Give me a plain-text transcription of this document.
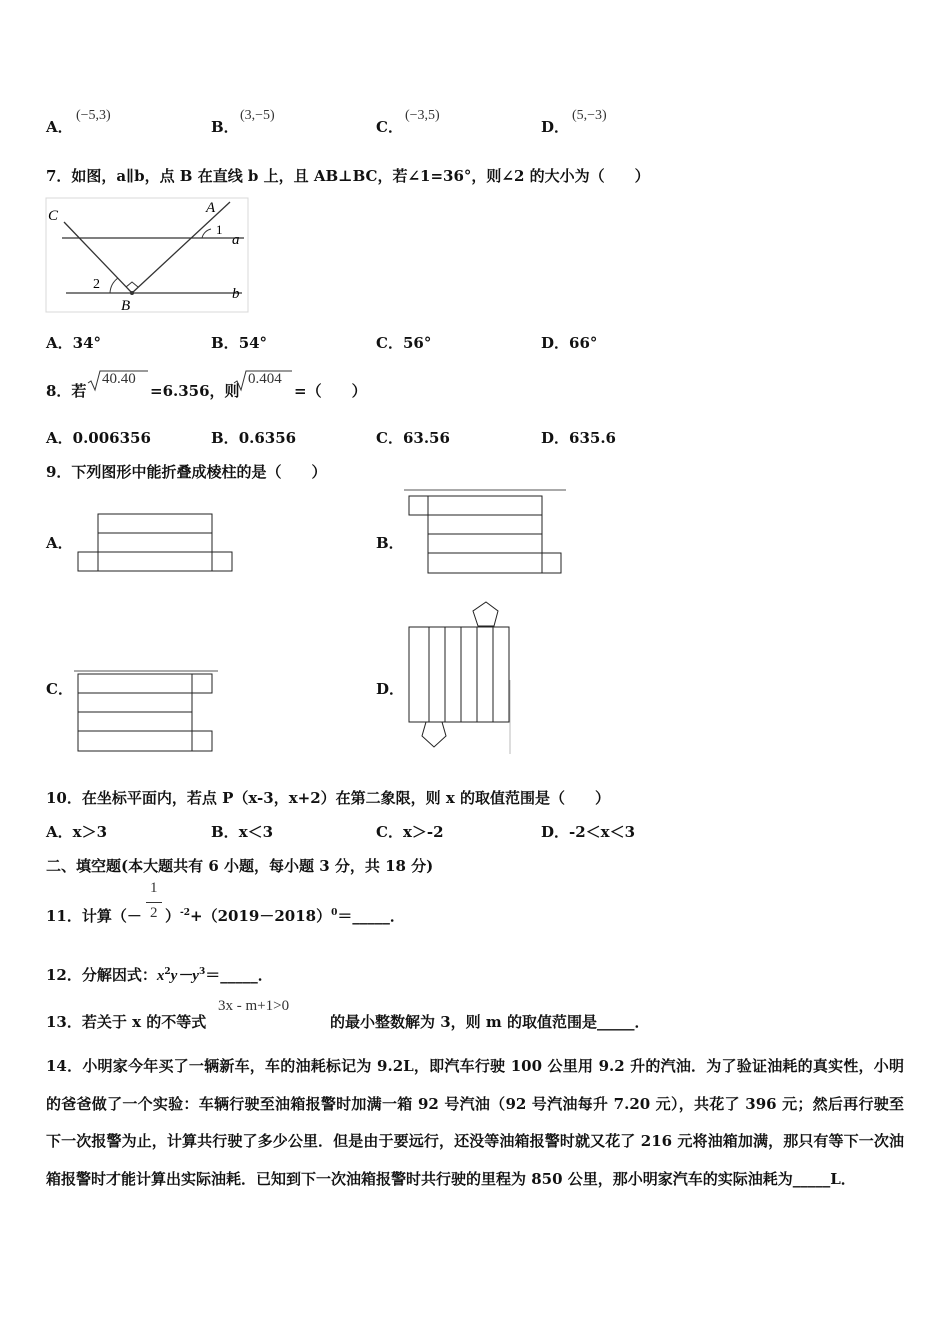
A．
(−5,3)
B．
(3,−5)
C．
(−3,5)
D．
(5,−3)
7．如图，a∥b，点 B 在直线 b 上，且 AB⊥BC，若∠1=36°，则∠2 的大小为（　　）
C	A
1
a
2
B
b
A．34°	B．54°	C．56°	D．66°
8．若
40.40
=6.356，则
0.404
=（　　）
A．0.006356	B．0.6356	C．63.56	D．635.6
9．下列图形中能折叠成棱柱的是（　　）
A．	B．
C．	D．
10．在坐标平面内，若点 P（x-3，x+2）在第二象限，则 x 的取值范围是（　　）
A．x＞3	B．x＜3	C．x＞-2	D．-2＜x＜3
二、填空题(本大题共有 6 小题，每小题 3 分，共 18 分)
11．计算（－
1
2 ）$^{-2}+(2019-2018)^0=\_\_\_\_\_$．
12．分解因式：$x^2y-y^3=\_\_\_\_\_$．
13．若关于 x 的不等式
3x - m+1>0
的最小整数解为 3，则 m 的取值范围是_____．
14．小明家今年买了一辆新车，车的油耗标记为 9.2L，即汽车行驶 100 公里用 9.2 升的汽油．为了验证油耗的真实性，小明的爸爸做了一个实验：车辆行驶至油箱报警时加满一箱 92 号汽油（92 号汽油每升 7.20 元），共花了 396 元；然后再行驶至下一次报警为止，计算共行驶了多少公里．但是由于要远行，还没等油箱报警时就又花了 216 元将油箱加满，那只有等下一次油箱报警时才能计算出实际油耗．已知到下一次油箱报警时共行驶的里程为 850 公里，那小明家汽车的实际油耗为_____L．
